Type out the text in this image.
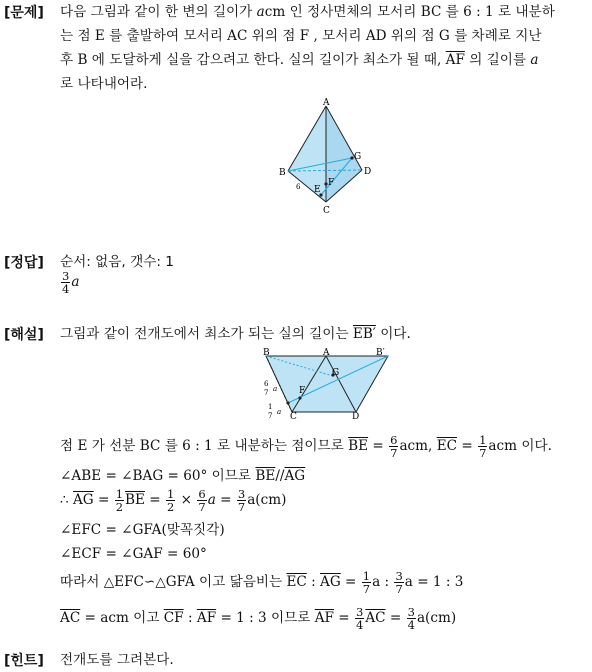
[문제] 다음 그림과 같이 한 변의 길이가 acm 인 정사면체의 모서리 BC 를 6 : 1 로 내분하
는 점 E 를 출발하여 모서리 AC 위의 점 F , 모서리 AD 위의 점 G 를 차례로 지난
후 B 에 도달하게 실을 감으려고 한다. 실의 길이가 최소가 될 때, $\overline{AF}$ 의 길이를 a
로 나타내어라.
A
B
C
D
E
F
G
6
[정답] 순서: 없음, 갯수: 1
$\frac{3}{4}$ a
[해설] 그림과 같이 전개도에서 최소가 되는 실의 길이는 EB′ 이다.
B	A	B′
G
F
C	D
6
7 a
1
7 a
점 E 가 선분 BC 를 6 : 1 로 내분하는 점이므로 $\overline{BE} = \frac{6}{7}$ acm, $\overline{EC} = \frac{1}{7}$ acm 이다.
∠ABE = ∠BAG = 60° 이므로 $\overline{BE}//\overline{AG}$
∴ $\overline{AG} = \frac{1}{2} \overline{BE} = \frac{1}{2} \times \frac{6}{7}$ $a = \frac{3}{7} a(cm)$
∠EFC = ∠GFA(맞꼭짓각)
∠ECF = ∠GAF = 60°
따라서 △EFC∽△GFA 이고 닮음비는 $\overline{EC}$ : $\overline{AG} = \frac{1}{7}$ a : $\frac{3}{7}$ a = 1 : 3
$\overline{AC}$ = acm 이고 $\overline{CF}$ : $\overline{AF} = 1$ : 3 이므로 $\overline{AF} = \frac{3}{4} \overline{AC} = \frac{3}{4} a(cm)$
[힌트] 전개도를 그려본다.
